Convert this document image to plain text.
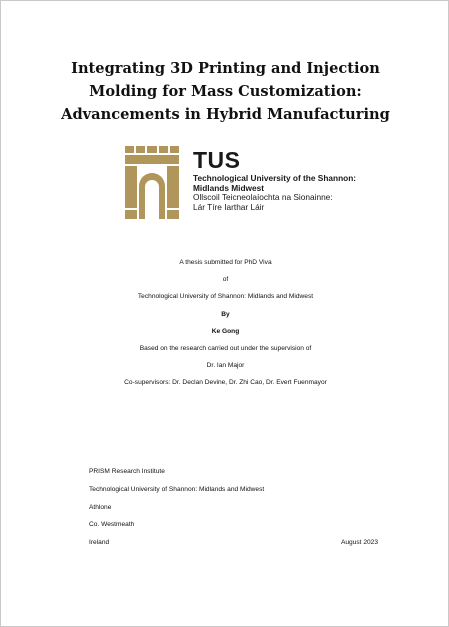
Integrating 3D Printing and Injection
Molding for Mass Customization:
Advancements in Hybrid Manufacturing
TUS
Technological University of the Shannon:
Midlands Midwest
Ollscoil Teicneolaíochta na Sionainne:
Lár Tíre Iarthar Láir
A thesis submitted for PhD Viva
of
Technological University of Shannon: Midlands and Midwest
By
Ke Gong
Based on the research carried out under the supervision of
Dr. Ian Major
Co-supervisors: Dr. Declan Devine, Dr. Zhi Cao, Dr. Evert Fuenmayor
PRISM Research Institute
Technological University of Shannon: Midlands and Midwest
Athlone
Co. Westmeath
Ireland	August 2023
